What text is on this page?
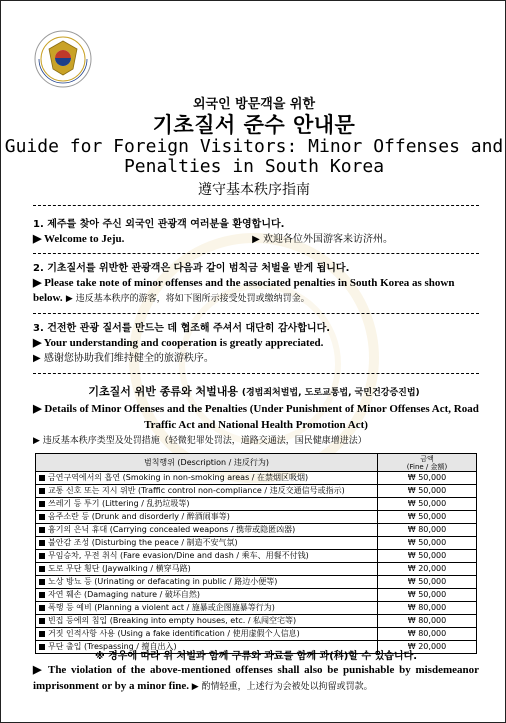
외국인 방문객을 위한
기초질서 준수 안내문
Guide for Foreign Visitors: Minor Offenses and Penalties in South Korea
遵守基本秩序指南
1. 제주를 찾아 주신 외국인 관광객 여러분을 환영합니다.
▶ Welcome to Jeju.	▶ 欢迎各位外国游客来访济州。
2. 기초질서를 위반한 관광객은 다음과 같이 범칙금 처벌을 받게 됩니다.
▶ Please take note of minor offenses and the associated penalties in South Korea as shown below. ▶ 违反基本秩序的游客，将如下图所示接受处罚或缴纳罚金。
3. 건전한 관광 질서를 만드는 데 협조해 주셔서 대단히 감사합니다.
▶ Your understanding and cooperation is greatly appreciated.
▶ 感谢您协助我们维持健全的旅游秩序。
기초질서 위반 종류와 처벌내용 (경범죄처벌법, 도로교통법, 국민건강증진법)
▶ Details of Minor Offenses and the Penalties (Under Punishment of Minor Offenses Act, Road Traffic Act and National Health Promotion Act)
▶ 违反基本秩序类型及处罚措施（轻微犯罪处罚法，道路交通法，国民健康增进法）
범칙행위 (Description / 违反行为)	금액
(Fine / 金额)

금연구역에서의 흡연 (Smoking in non-smoking areas / 在禁烟区吸烟)	₩ 50,000
교통 신호 또는 지시 위반 (Traffic control non-compliance / 违反交通信号或指示)	₩ 50,000
쓰레기 등 투기 (Littering / 乱扔垃圾等)	₩ 50,000
음주소란 등 (Drunk and disorderly / 醉酒闹事等)	₩ 50,000
흉기의 은닉 휴대 (Carrying concealed weapons / 携带或隐匿凶器)	₩ 80,000
불안감 조성 (Disturbing the peace / 制造不安气氛)	₩ 50,000
무임승차, 무전 취식 (Fare evasion/Dine and dash / 乘车、用餐不付钱)	₩ 50,000
도로 무단 횡단 (Jaywalking / 横穿马路)	₩ 20,000
노상 방뇨 등 (Urinating or defacating in public / 路边小便等)	₩ 50,000
자연 훼손 (Damaging nature / 破坏自然)	₩ 50,000
폭행 등 예비 (Planning a violent act / 施暴或企图施暴等行为)	₩ 80,000
빈집 등에의 침입 (Breaking into empty houses, etc. / 私闯空宅等)	₩ 80,000
거짓 인적사항 사용 (Using a fake identification / 使用虚假个人信息)	₩ 80,000
무단 출입 (Trespassing / 擅自出入)	₩ 20,000
※ 경우에 따라 위 처벌과 함께 구류와 과료를 함께 과(科)할 수 있습니다.
▶ The violation of the above-mentioned offenses shall also be punishable by misdemeanor imprisonment or by a minor fine. ▶ 酌情轻重，上述行为会被处以拘留或罚款。
